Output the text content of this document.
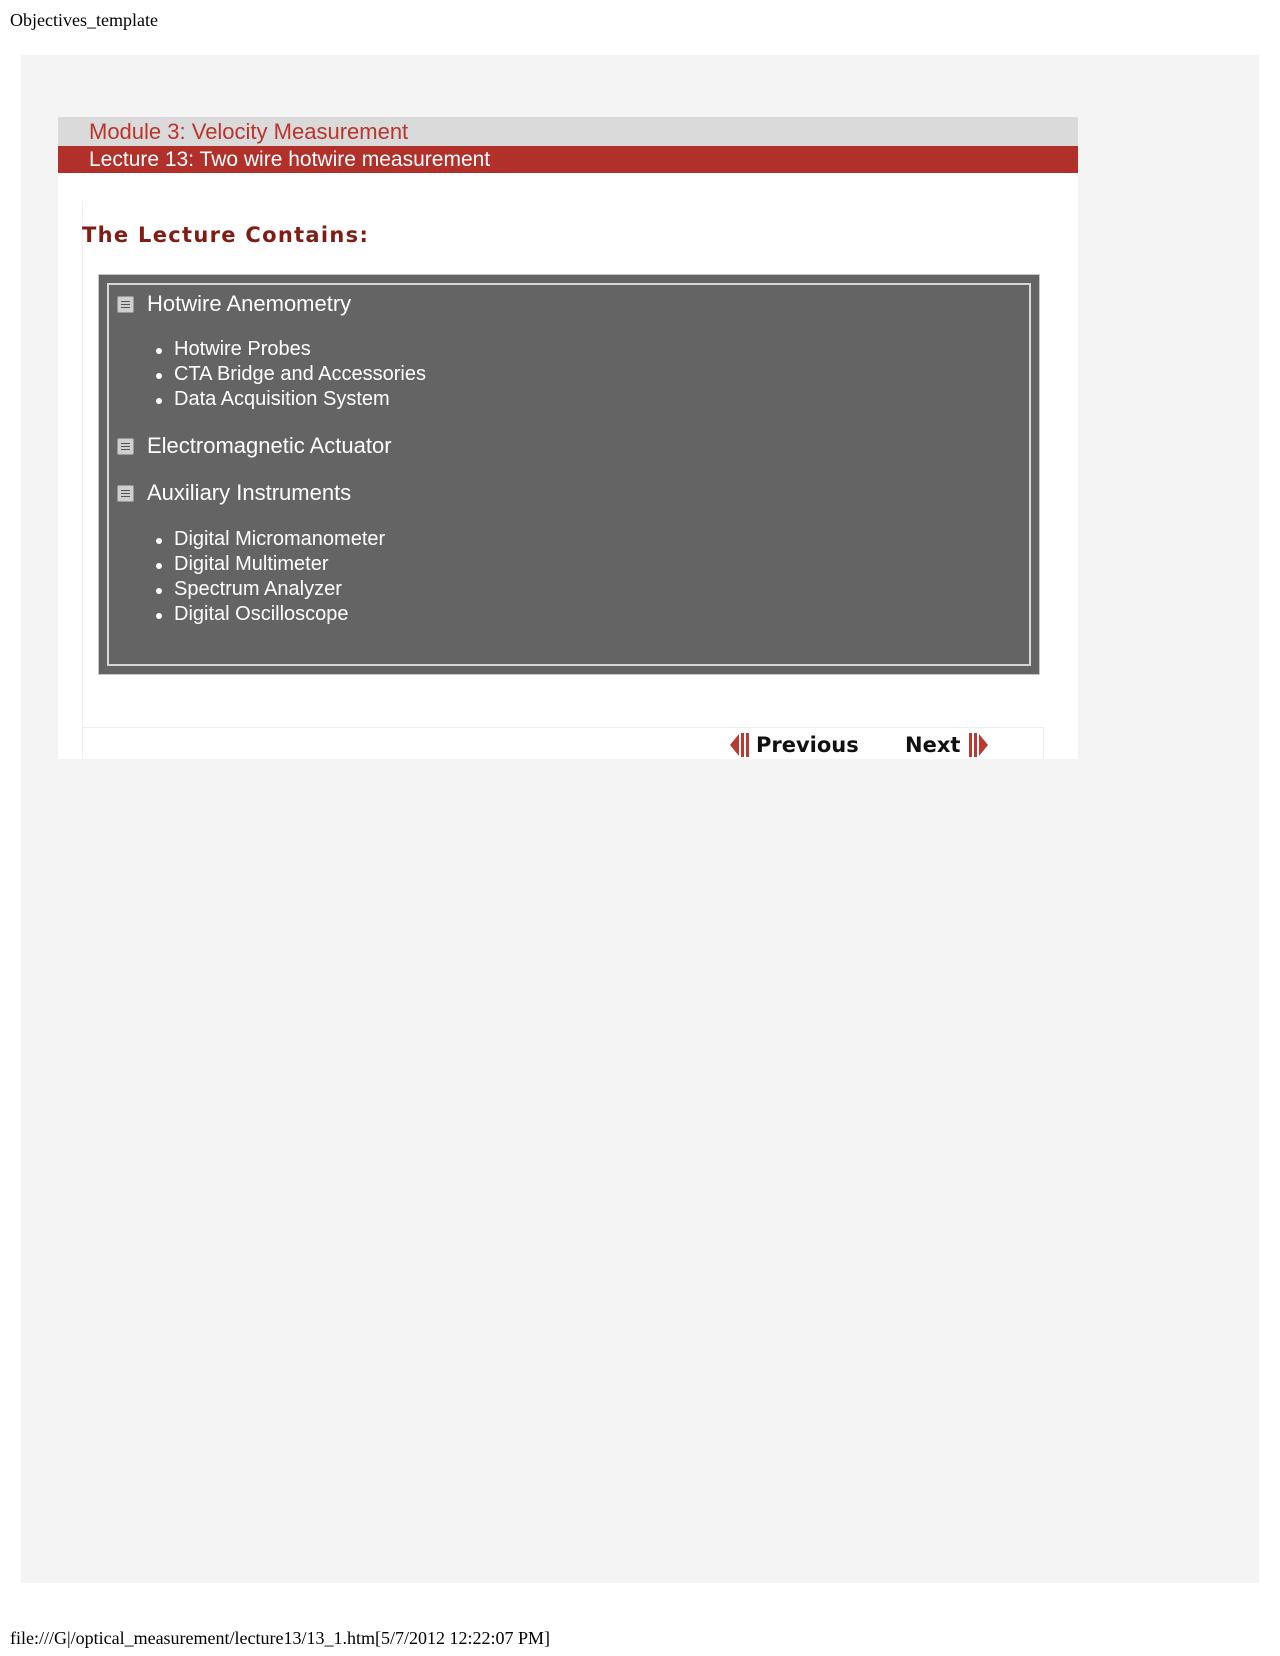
Objectives_template
Module 3: Velocity Measurement
Lecture 13: Two wire hotwire measurement
The Lecture Contains:
Hotwire Anemometry
Hotwire Probes
CTA Bridge and Accessories
Data Acquisition System
Electromagnetic Actuator
Auxiliary Instruments
Digital Micromanometer
Digital Multimeter
Spectrum Analyzer
Digital Oscilloscope
Previous Next
file:///G|/optical_measurement/lecture13/13_1.htm[5/7/2012 12:22:07 PM]
